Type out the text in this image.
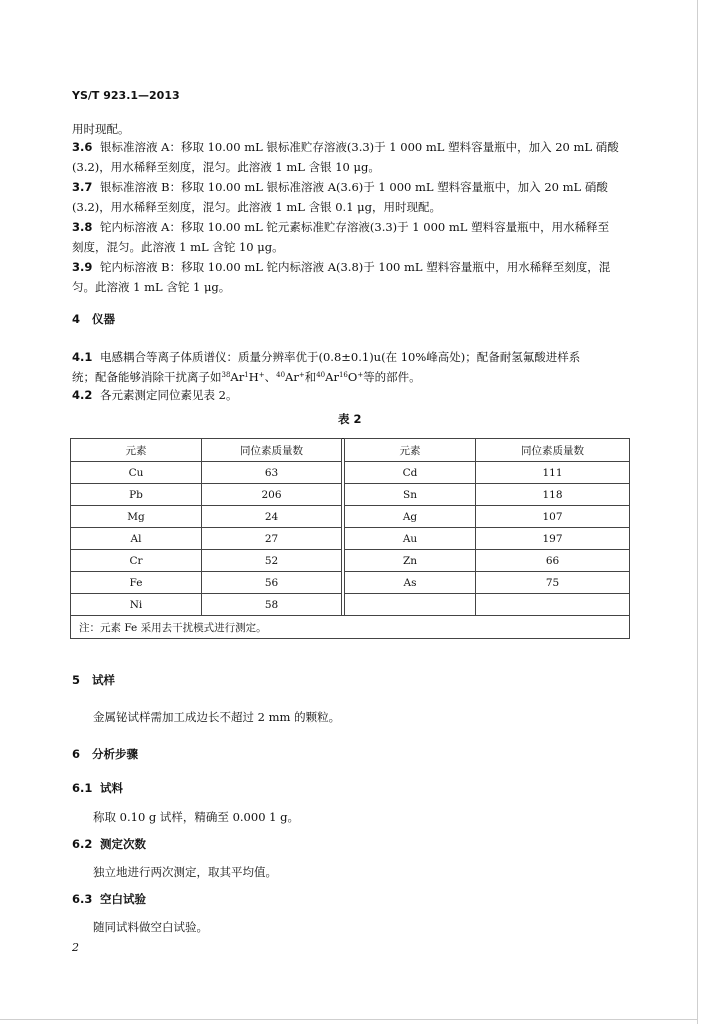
YS/T 923.1—2013
用时现配。
3.6 银标准溶液 A：移取 10.00 mL 银标准贮存溶液(3.3)于 1 000 mL 塑料容量瓶中，加入 20 mL 硝酸
(3.2)，用水稀释至刻度，混匀。此溶液 1 mL 含银 10 μg。
3.7 银标准溶液 B：移取 10.00 mL 银标准溶液 A(3.6)于 1 000 mL 塑料容量瓶中，加入 20 mL 硝酸
(3.2)，用水稀释至刻度，混匀。此溶液 1 mL 含银 0.1 μg，用时现配。
3.8 铊内标溶液 A：移取 10.00 mL 铊元素标准贮存溶液(3.3)于 1 000 mL 塑料容量瓶中，用水稀释至
刻度，混匀。此溶液 1 mL 含铊 10 μg。
3.9 铊内标溶液 B：移取 10.00 mL 铊内标溶液 A(3.8)于 100 mL 塑料容量瓶中，用水稀释至刻度，混
匀。此溶液 1 mL 含铊 1 μg。
4 仪器
4.1 电感耦合等离子体质谱仪：质量分辨率优于(0.8±0.1)u(在 10%峰高处)；配备耐氢氟酸进样系
统；配备能够消除干扰离子如$^{38}$Ar$^1$H+、$^{40}$Ar+和$^{40}$Ar$^{16}$O+等的部件。
4.2 各元素测定同位素见表 2。
表 2
元素	同位素质量数		元素	同位素质量数
Cu	63		Cd	111
Pb	206		Sn	118
Mg	24		Ag	107
Al	27		Au	197
Cr	52		Zn	66
Fe	56		As	75
Ni	58			
注：元素 Fe 采用去干扰模式进行测定。				
5 试样
金属铋试样需加工成边长不超过 2 mm 的颗粒。
6 分析步骤
6.1 试料
称取 0.10 g 试样，精确至 0.000 1 g。
6.2 测定次数
独立地进行两次测定，取其平均值。
6.3 空白试验
随同试料做空白试验。
2
